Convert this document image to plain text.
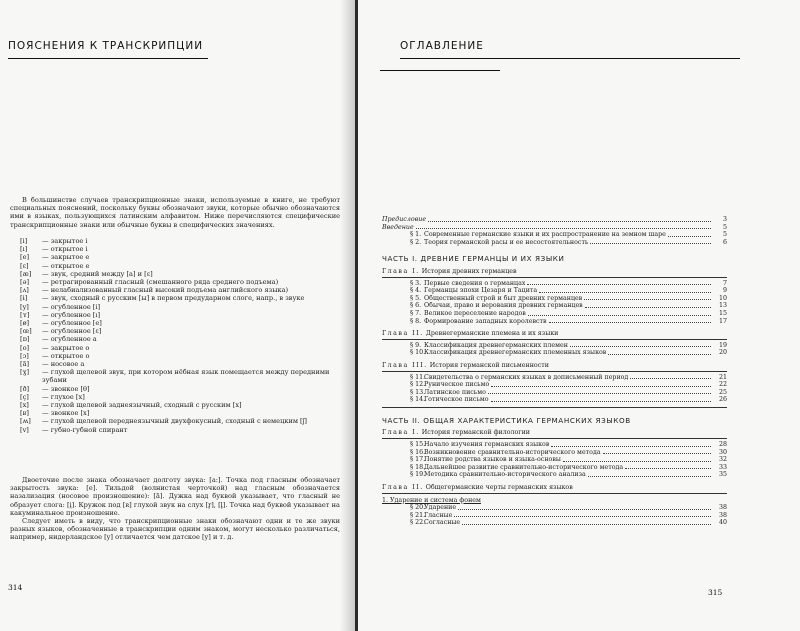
ПОЯСНЕНИЯ К ТРАНСКРИПЦИИ

В большинстве случаев транскрипционные знаки, используемые в книге, не требуют специальных пояснений, поскольку буквы обозначают звуки, которые обычно обозначаются ими в языках, пользующихся латинским алфавитом. Ниже перечисляются специфические транскрипционные знаки или обычные буквы в специфических значениях.

[i]	— закрытое i
[ı]	— открытое i
[e]	— закрытое e
[ɛ]	— открытое e
[æ]	— звук, средний между [a] и [ɛ]
[ə]	— ретрагированный гласный (смешанного ряда среднего подъема)
[ʌ]	— нелабиализованный гласный высокий подъема английского языка)
[ɨ]	— звук, сходный с русским [ы] в первом предударном слоге, напр., в звуке
[y]	— огубленное [i]
[ʏ]	— огубленное [ı]
[ø]	— огубленное [e]
[œ]	— огубленное [ɛ]
[ɒ]	— огубленное а
[o]	— закрытое о
[ɔ]	— открытое о
[ã]	— носовое а
[ɣ]	— глухой щелевой звук, при котором нёбная язык помещается между передними зубами
[ð]	— звонкое [θ]
[ç]	— глухое [x]
[x]	— глухой щелевой заднеязычный, сходный с русским [х]
[ʁ]	— звонкое [х]
[ʍ]	— глухой щелевой переднеязычный двухфокусный, сходный с немецким [ʃ]
[v]	— губно-губной спирант

Двоеточие после знака обозначает долготу звука: [a:]. Точка под гласным обозначает закрытость звука: [e]. Тильдой (волнистая черточкой) над гласным обозначается назализация (носовое произношение): [ã]. Дужка над буквой указывает, что гласный не образует слога: [i̯]. Кружок под [ʀ] глухой звук на слух [r̥], [l̥]. Точка над буквой указывает на какуминальное произношение.

Следует иметь в виду, что транскрипционные знаки обозначают одни и те же звуки разных языков, обозначенные в транскрипции одним знаком, могут несколько различаться, например, нидерландское [y] отличается чем датское [y] и т. д.

314
ОГЛАВЛЕНИЕ
Предисловие	3
Введение	5
§ 1. Современные германские языки и их распространение на земном шаре	5
§ 2. Теория германской расы и ее несостоятельность	6
ЧАСТЬ I. ДРЕВНИЕ ГЕРМАНЦЫ И ИХ ЯЗЫКИ
Глава I. История древних германцев
§ 3. Первые сведения о германцах	7
§ 4. Германцы эпохи Цезаря и Тацита	9
§ 5. Общественный строй и быт древних германцев	10
§ 6. Обычаи, право и верования древних германцев	13
§ 7. Великое переселение народов	15
§ 8. Формирование западных королевств	17
Глава II. Древнегерманские племена и их языки
§ 9. Классификация древнегерманских племен	19
§ 10. Классификация древнегерманских племенных языков	20
Глава III. История германской письменности
§ 11. Свидетельства о германских языках в дописьменный период	21
§ 12. Руническое письмо	22
§ 13. Латинское письмо	25
§ 14. Готическое письмо	26
ЧАСТЬ II. ОБЩАЯ ХАРАКТЕРИСТИКА ГЕРМАНСКИХ ЯЗЫКОВ
Глава I. История германской филологии
§ 15. Начало изучения германских языков	28
§ 16. Возникновение сравнительно-исторического метода	30
§ 17. Понятие родства языков и языка-основы	32
§ 18. Дальнейшее развитие сравнительно-исторического метода	33
§ 19. Методика сравнительно-исторического анализа	35
Глава II. Общегерманские черты германских языков
1. Ударение и система фонем
§ 20. Ударение	38
§ 21. Гласные	38
§ 22. Согласные	40
315
